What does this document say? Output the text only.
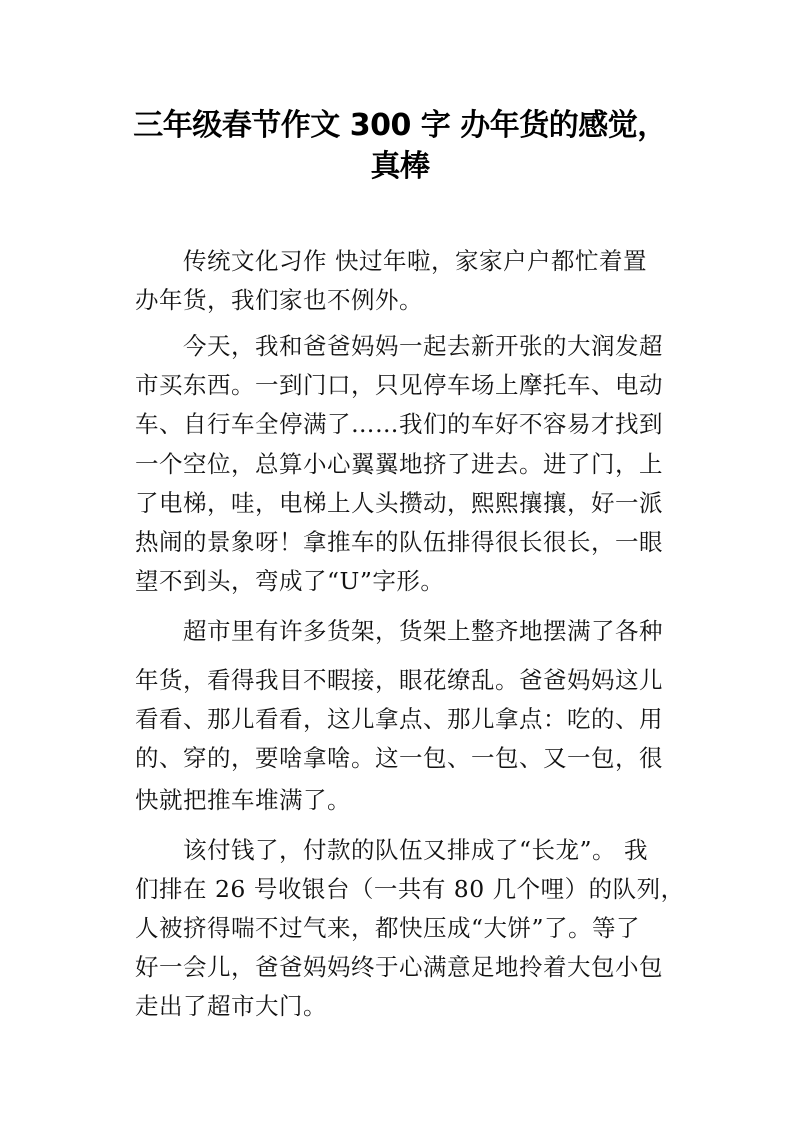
三年级春节作文 300 字 办年货的感觉，
真棒
传统文化习作 快过年啦，家家户户都忙着置
办年货，我们家也不例外。
今天，我和爸爸妈妈一起去新开张的大润发超
市买东西。一到门口，只见停车场上摩托车、电动
车、自行车全停满了……我们的车好不容易才找到
一个空位，总算小心翼翼地挤了进去。进了门，上
了电梯，哇，电梯上人头攒动，熙熙攘攘，好一派
热闹的景象呀！拿推车的队伍排得很长很长，一眼
望不到头，弯成了“U”字形。
超市里有许多货架，货架上整齐地摆满了各种
年货，看得我目不暇接，眼花缭乱。爸爸妈妈这儿
看看、那儿看看，这儿拿点、那儿拿点：吃的、用
的、穿的，要啥拿啥。这一包、一包、又一包，很
快就把推车堆满了。
该付钱了，付款的队伍又排成了“长龙”。 我
们排在 26 号收银台（一共有 80 几个哩）的队列，
人被挤得喘不过气来，都快压成“大饼”了。等了
好一会儿，爸爸妈妈终于心满意足地拎着大包小包
走出了超市大门。
